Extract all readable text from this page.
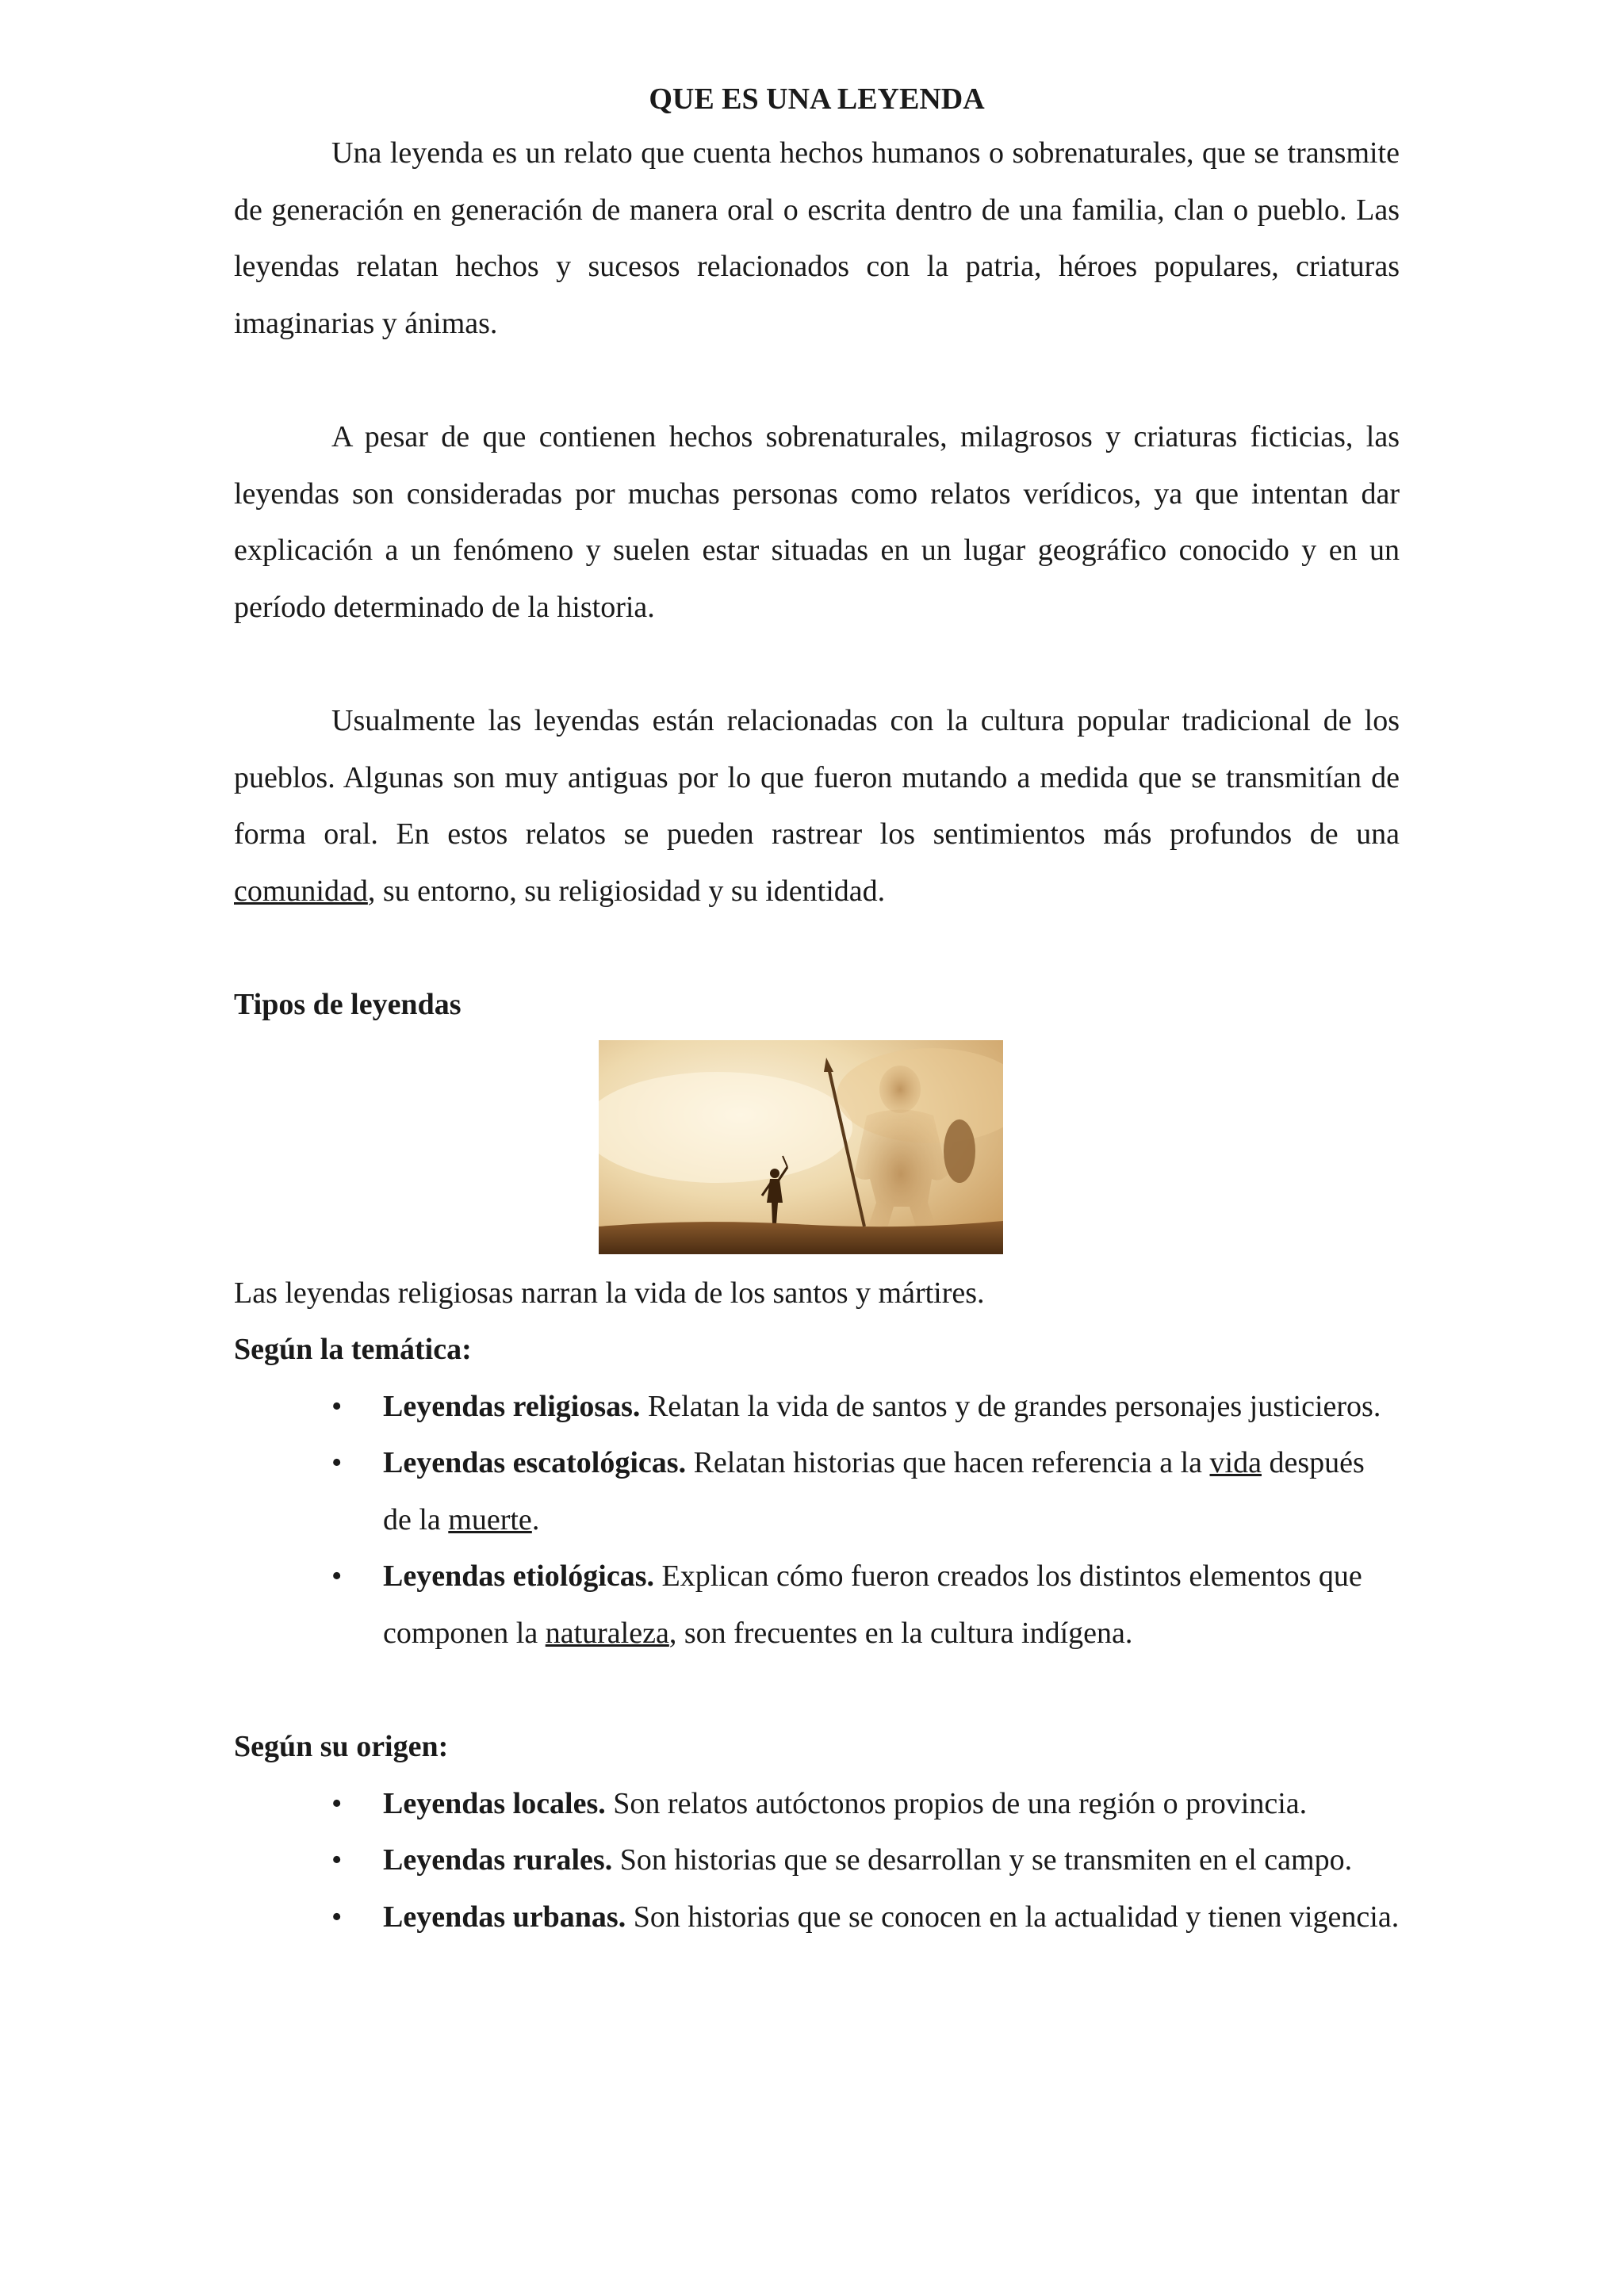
QUE ES UNA LEYENDA

Una leyenda es un relato que cuenta hechos humanos o sobrenaturales, que se transmite de generación en generación de manera oral o escrita dentro de una familia, clan o pueblo. Las leyendas relatan hechos y sucesos relacionados con la patria, héroes populares, criaturas imaginarias y ánimas.

A pesar de que contienen hechos sobrenaturales, milagrosos y criaturas ficticias, las leyendas son consideradas por muchas personas como relatos verídicos, ya que intentan dar explicación a un fenómeno y suelen estar situadas en un lugar geográfico conocido y en un período determinado de la historia.

Usualmente las leyendas están relacionadas con la cultura popular tradicional de los pueblos. Algunas son muy antiguas por lo que fueron mutando a medida que se transmitían de forma oral. En estos relatos se pueden rastrear los sentimientos más profundos de una comunidad, su entorno, su religiosidad y su identidad.

Tipos de leyendas

Las leyendas religiosas narran la vida de los santos y mártires.

Según la temática:

• Leyendas religiosas. Relatan la vida de santos y de grandes personajes justicieros.
• Leyendas escatológicas. Relatan historias que hacen referencia a la vida después de la muerte.
• Leyendas etiológicas. Explican cómo fueron creados los distintos elementos que componen la naturaleza, son frecuentes en la cultura indígena.

Según su origen:

• Leyendas locales. Son relatos autóctonos propios de una región o provincia.
• Leyendas rurales. Son historias que se desarrollan y se transmiten en el campo.
• Leyendas urbanas. Son historias que se conocen en la actualidad y tienen vigencia.
